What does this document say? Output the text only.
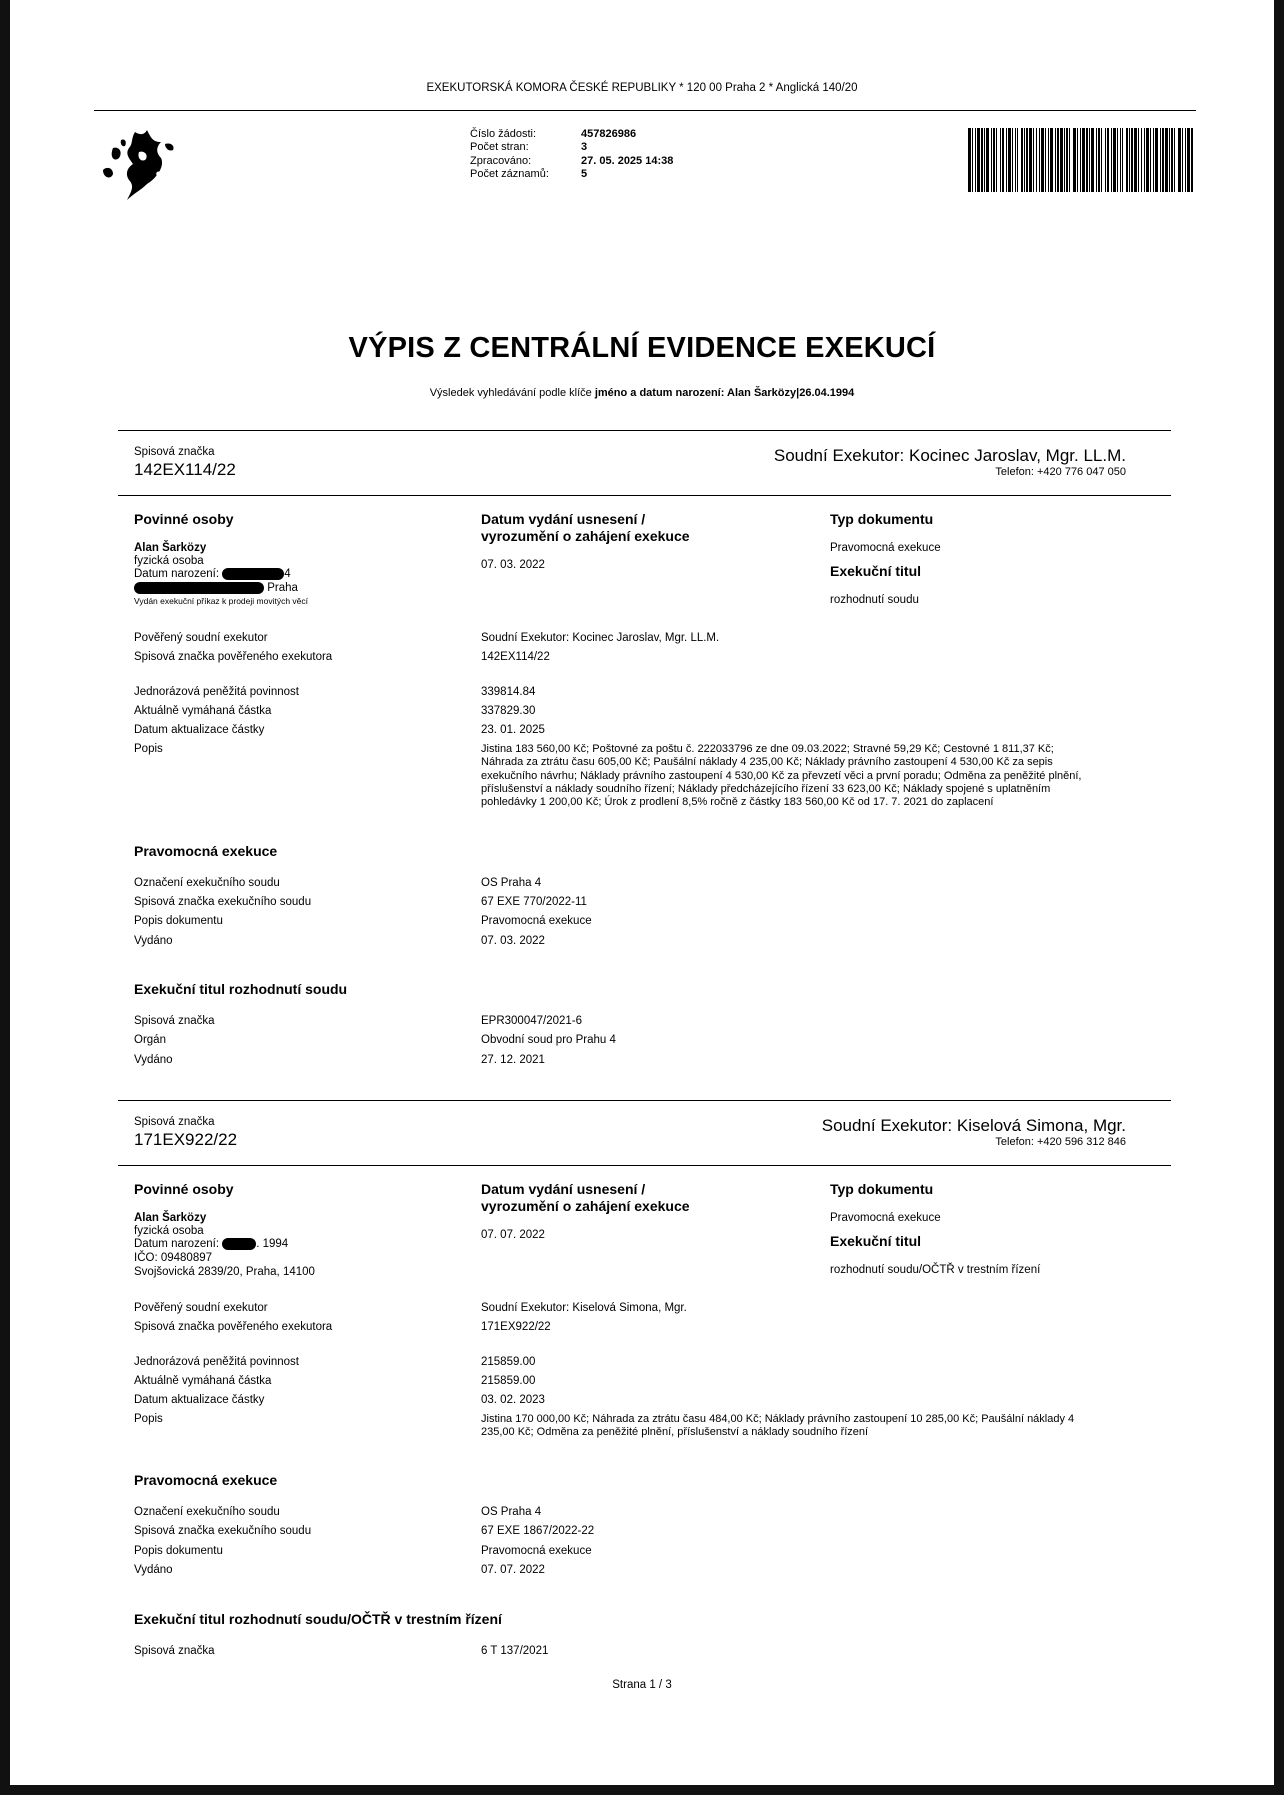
EXEKUTORSKÁ KOMORA ČESKÉ REPUBLIKY * 120 00 Praha 2 * Anglická 140/20
Číslo žádosti:	457826986
Počet stran:	3
Zpracováno:	27. 05. 2025 14:38
Počet záznamů:	5
VÝPIS Z CENTRÁLNÍ EVIDENCE EXEKUCÍ
Výsledek vyhledávání podle klíče jméno a datum narození: Alan Šarközy|26.04.1994
Spisová značka
142EX114/22
Soudní Exekutor: Kocinec Jaroslav, Mgr. LL.M.
Telefon: +420 776 047 050
Povinné osoby	Datum vydání usnesení /
vyrozumění o zahájení exekuce
Typ dokumentu
Alan Šarközy
fyzická osoba
Datum narození:	4
Praha
Vydán exekuční příkaz k prodeji movitých věcí
07. 03. 2022
Pravomocná exekuce
Exekuční titul
rozhodnutí soudu
Pověřený soudní exekutor	Soudní Exekutor: Kocinec Jaroslav, Mgr. LL.M.
Spisová značka pověřeného exekutora	142EX114/22
Jednorázová peněžitá povinnost	339814.84
Aktuálně vymáhaná částka	337829.30
Datum aktualizace částky	23. 01. 2025
Popis	Jistina 183 560,00 Kč; Poštovné za poštu č. 222033796 ze dne 09.03.2022; Stravné 59,29 Kč; Cestovné 1 811,37 Kč;
Náhrada za ztrátu času 605,00 Kč; Paušální náklady 4 235,00 Kč; Náklady právního zastoupení 4 530,00 Kč za sepis
exekučního návrhu; Náklady právního zastoupení 4 530,00 Kč za převzetí věci a první poradu; Odměna za peněžité plnění,
příslušenství a náklady soudního řízení; Náklady předcházejícího řízení 33 623,00 Kč; Náklady spojené s uplatněním
pohledávky 1 200,00 Kč; Úrok z prodlení 8,5% ročně z částky 183 560,00 Kč od 17. 7. 2021 do zaplacení
Pravomocná exekuce
Označení exekučního soudu	OS Praha 4
Spisová značka exekučního soudu	67 EXE 770/2022-11
Popis dokumentu	Pravomocná exekuce
Vydáno	07. 03. 2022
Exekuční titul rozhodnutí soudu
Spisová značka	EPR300047/2021-6
Orgán	Obvodní soud pro Prahu 4
Vydáno	27. 12. 2021
Spisová značka
171EX922/22
Soudní Exekutor: Kiselová Simona, Mgr.
Telefon: +420 596 312 846
Povinné osoby	Datum vydání usnesení /
vyrozumění o zahájení exekuce
Typ dokumentu
Alan Šarközy
fyzická osoba
Datum narození:	. 1994
IČO: 09480897
Svojšovická 2839/20, Praha, 14100
07. 07. 2022
Pravomocná exekuce
Exekuční titul
rozhodnutí soudu/OČTŘ v trestním řízení
Pověřený soudní exekutor	Soudní Exekutor: Kiselová Simona, Mgr.
Spisová značka pověřeného exekutora	171EX922/22
Jednorázová peněžitá povinnost	215859.00
Aktuálně vymáhaná částka	215859.00
Datum aktualizace částky	03. 02. 2023
Popis	Jistina 170 000,00 Kč; Náhrada za ztrátu času 484,00 Kč; Náklady právního zastoupení 10 285,00 Kč; Paušální náklady 4
235,00 Kč; Odměna za peněžité plnění, příslušenství a náklady soudního řízení
Pravomocná exekuce
Označení exekučního soudu	OS Praha 4
Spisová značka exekučního soudu	67 EXE 1867/2022-22
Popis dokumentu	Pravomocná exekuce
Vydáno	07. 07. 2022
Exekuční titul rozhodnutí soudu/OČTŘ v trestním řízení
Spisová značka	6 T 137/2021
Strana 1 / 3
